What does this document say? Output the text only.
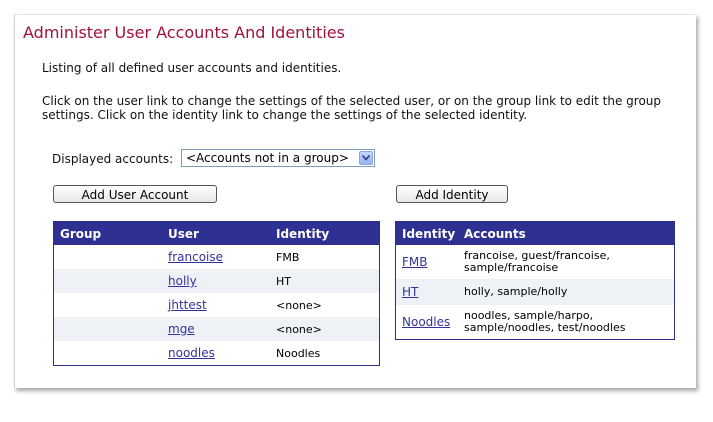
Administer User Accounts And Identities
Listing of all defined user accounts and identities.
Click on the user link to change the settings of the selected user, or on the group link to edit the group settings. Click on the identity link to change the settings of the selected identity.
Displayed accounts: <Accounts not in a group>
Add User Account	Add Identity
Group	User	Identity
	francoise	FMB
	holly	HT
	jhttest	<none>
	mge	<none>
	noodles	Noodles
Identity	Accounts
FMB	francoise, guest/francoise, sample/francoise
HT	holly, sample/holly
Noodles	noodles, sample/harpo, sample/noodles, test/noodles
